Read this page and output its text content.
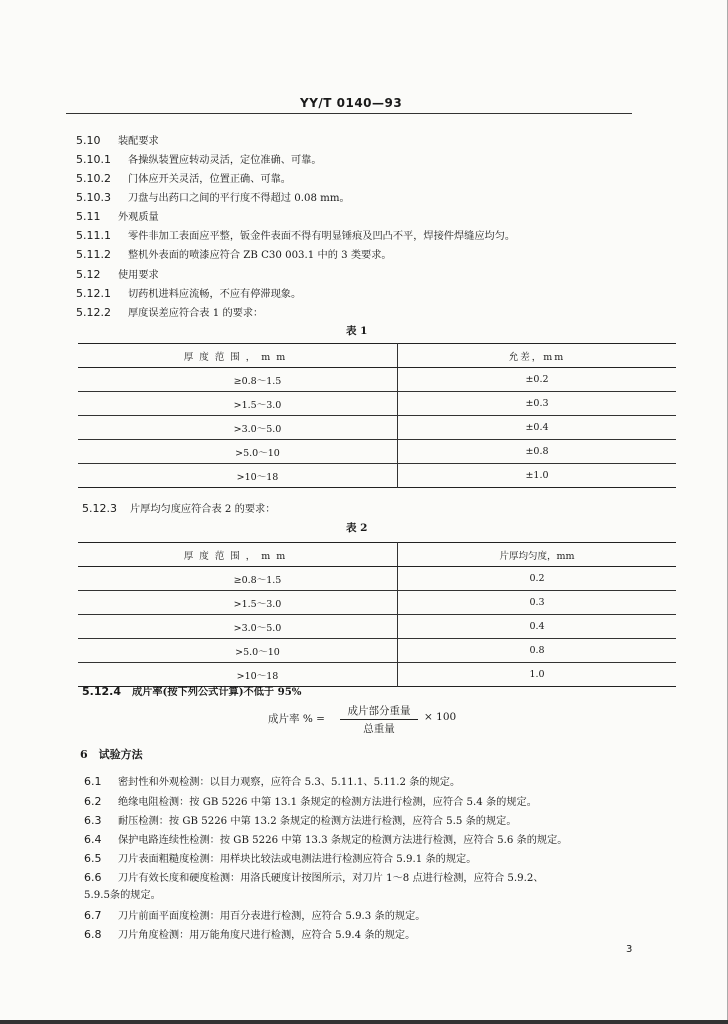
YY/T 0140—93
5.10 装配要求
5.10.1 各操纵装置应转动灵活，定位准确、可靠。
5.10.2 门体应开关灵活，位置正确、可靠。
5.10.3 刀盘与出药口之间的平行度不得超过 0.08 mm。
5.11 外观质量
5.11.1 零件非加工表面应平整，钣金件表面不得有明显锤痕及凹凸不平，焊接件焊缝应均匀。
5.11.2 整机外表面的喷漆应符合 ZB C30 003.1 中的 3 类要求。
5.12 使用要求
5.12.1 切药机进料应流畅，不应有停滞现象。
5.12.2 厚度误差应符合表 1 的要求：
表 1
厚度范围，mm	允差，mm
≥0.8～1.5	±0.2
>1.5～3.0	±0.3
>3.0～5.0	±0.4
>5.0～10	±0.8
>10～18	±1.0
5.12.3 片厚均匀度应符合表 2 的要求：
表 2
厚度范围，mm	片厚均匀度，mm
≥0.8～1.5	0.2
>1.5～3.0	0.3
>3.0～5.0	0.4
>5.0～10	0.8
>10～18	1.0
5.12.4 成片率(按下列公式计算)不低于 95%
成片率 % =
成片部分重量
总重量
× 100
6　试验方法
6.1 密封性和外观检测：以目力观察，应符合 5.3、5.11.1、5.11.2 条的规定。
6.2 绝缘电阻检测：按 GB 5226 中第 13.1 条规定的检测方法进行检测，应符合 5.4 条的规定。
6.3 耐压检测：按 GB 5226 中第 13.2 条规定的检测方法进行检测，应符合 5.5 条的规定。
6.4 保护电路连续性检测：按 GB 5226 中第 13.3 条规定的检测方法进行检测，应符合 5.6 条的规定。
6.5 刀片表面粗糙度检测：用样块比较法或电测法进行检测应符合 5.9.1 条的规定。
6.6 刀片有效长度和硬度检测：用洛氏硬度计按图所示，对刀片 1～8 点进行检测，应符合 5.9.2、
5.9.5条的规定。
6.7 刀片前面平面度检测：用百分表进行检测，应符合 5.9.3 条的规定。
6.8 刀片角度检测：用万能角度尺进行检测，应符合 5.9.4 条的规定。
3
